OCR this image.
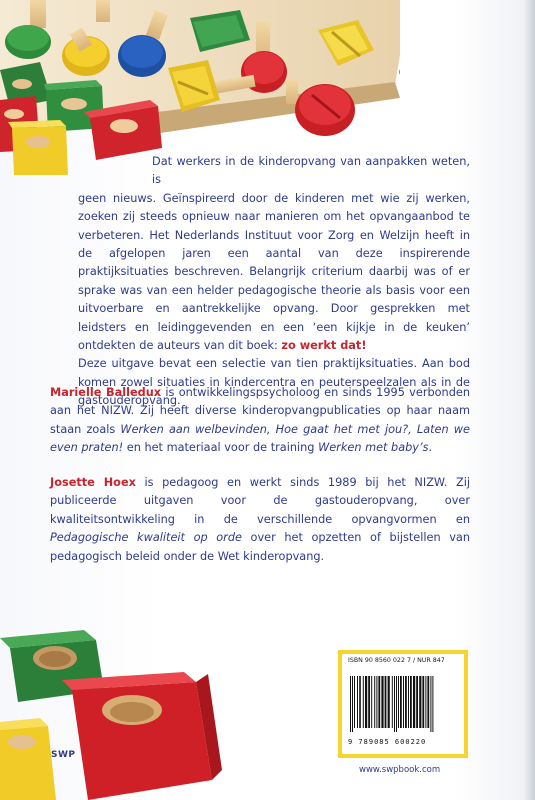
Dat werkers in de kinderopvang van aanpakken weten, is
geen nieuws. Geïnspireerd door de kinderen met wie zij werken, zoeken zij steeds opnieuw naar manieren om het opvangaanbod te verbeteren. Het Nederlands Instituut voor Zorg en Welzijn heeft in de afgelopen jaren een aantal van deze inspirerende praktijksituaties beschreven. Belangrijk criterium daarbij was of er sprake was van een helder pedagogische theorie als basis voor een uitvoerbare en aantrekkelijke opvang. Door gesprekken met leidsters en leidinggevenden en een ‘een kijkje in de keuken’ ontdekten de auteurs van dit boek: zo werkt dat!
Deze uitgave bevat een selectie van tien praktijksituaties. Aan bod komen zowel situaties in kindercentra en peuterspeelzalen als in de gastouderopvang.
Marielle Balledux is ontwikkelingspsycholoog en sinds 1995 verbonden aan het NIZW. Zij heeft diverse kinderopvangpublicaties op haar naam staan zoals Werken aan welbevinden, Hoe gaat het met jou?, Laten we even praten! en het materiaal voor de training Werken met baby’s.
Josette Hoex is pedagoog en werkt sinds 1989 bij het NIZW. Zij publiceerde uitgaven voor de gastouderopvang, over kwaliteitsontwikkeling in de verschillende opvangvormen en Pedagogische kwaliteit op orde over het opzetten of bijstellen van pedagogisch beleid onder de Wet kinderopvang.
SWP
ISBN 90 8560 022 7 / NUR 847
9 789085 600220
www.swpbook.com
